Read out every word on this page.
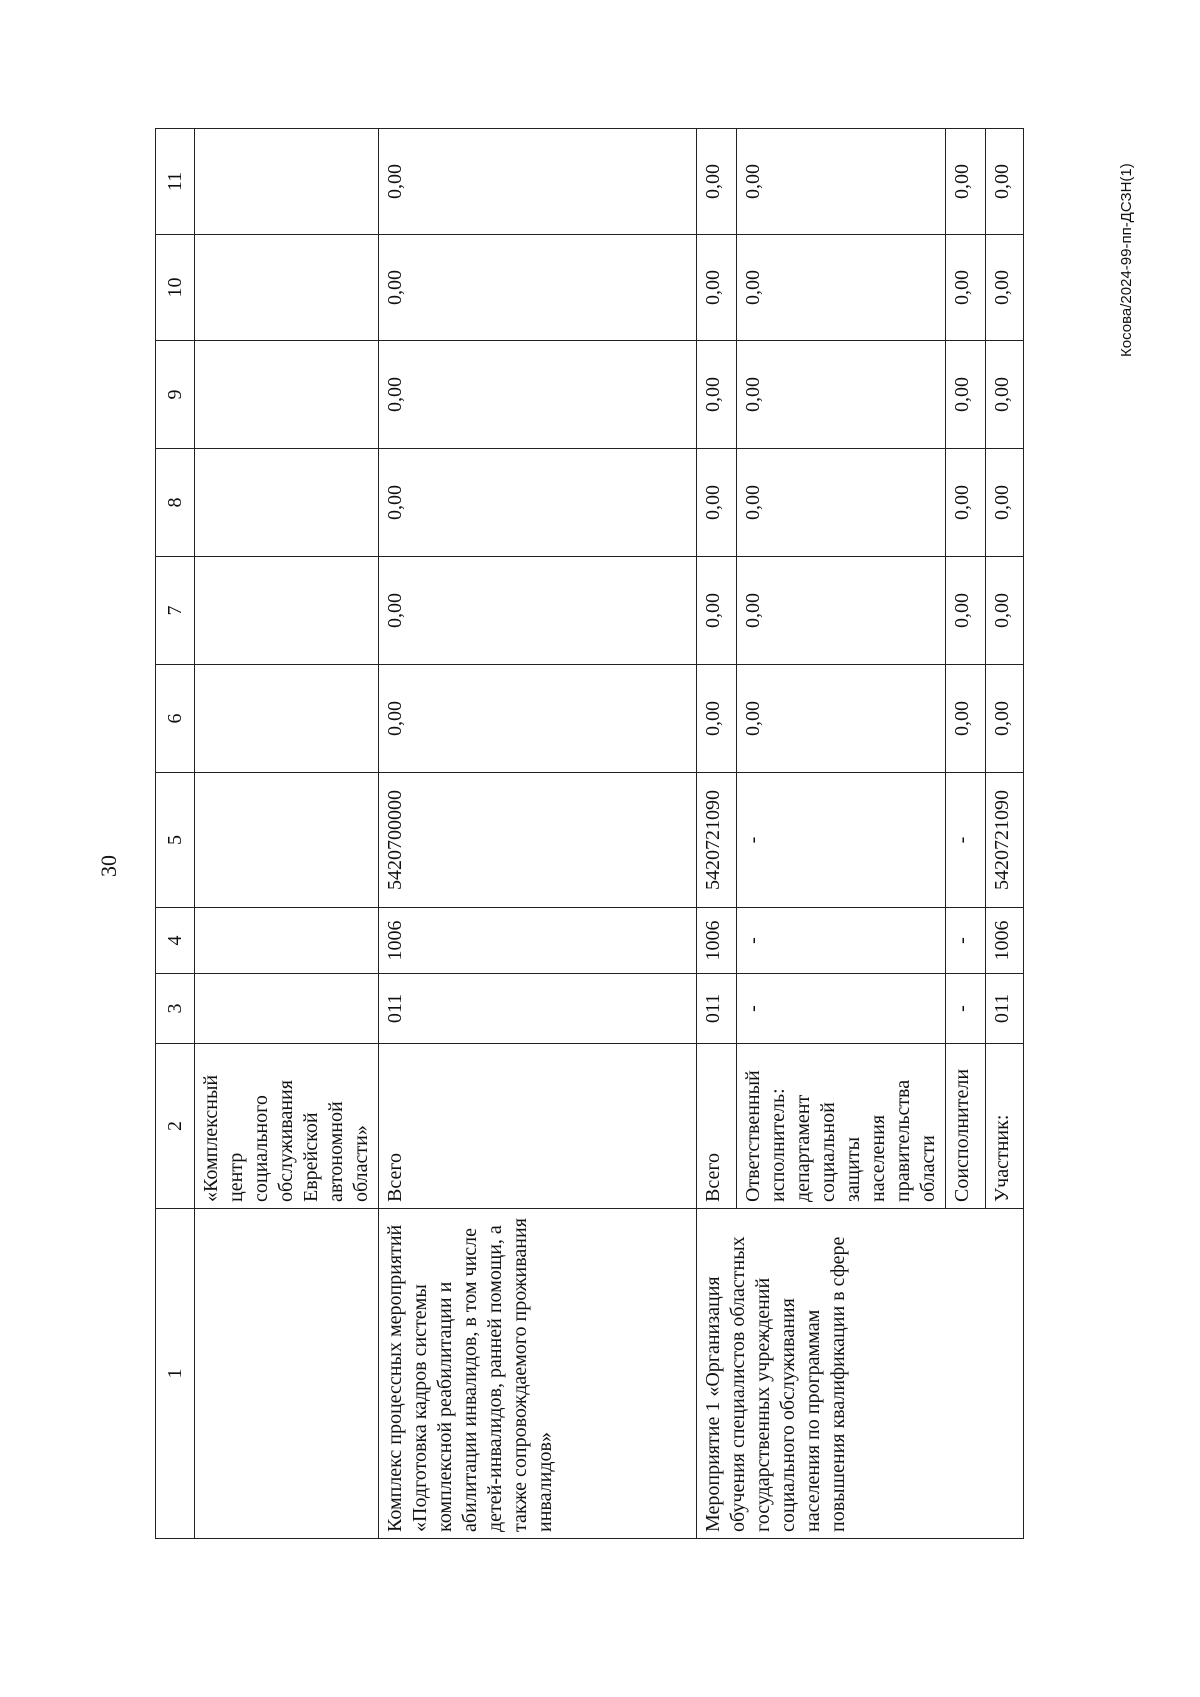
30
1	2	3	4	5	6	7	8	9	10	11
	«Комплексный центр социального обслуживания Еврейской автономной области»									
Комплекс процессных мероприятий «Подготовка кадров системы комплексной реабилитации и абилитации инвалидов, в том числе детей-инвалидов, ранней помощи, а также сопровождаемого проживания инвалидов»	Всего	011	1006	5420700000	0,00	0,00	0,00	0,00	0,00	0,00
Мероприятие 1 «Организация обучения специалистов областных государственных учреждений социального обслуживания населения по программам повышения квалификации в сфере	Всего	011	1006	5420721090	0,00	0,00	0,00	0,00	0,00	0,00
	Ответственный исполнитель: департамент социальной защиты населения правительства области	-	-	-	0,00	0,00	0,00	0,00	0,00	0,00
	Соисполнители	-	-	-	0,00	0,00	0,00	0,00	0,00	0,00
	Участник:	011	1006	5420721090	0,00	0,00	0,00	0,00	0,00	0,00	Косова/2024-99-пп-ДСЗН(1)
